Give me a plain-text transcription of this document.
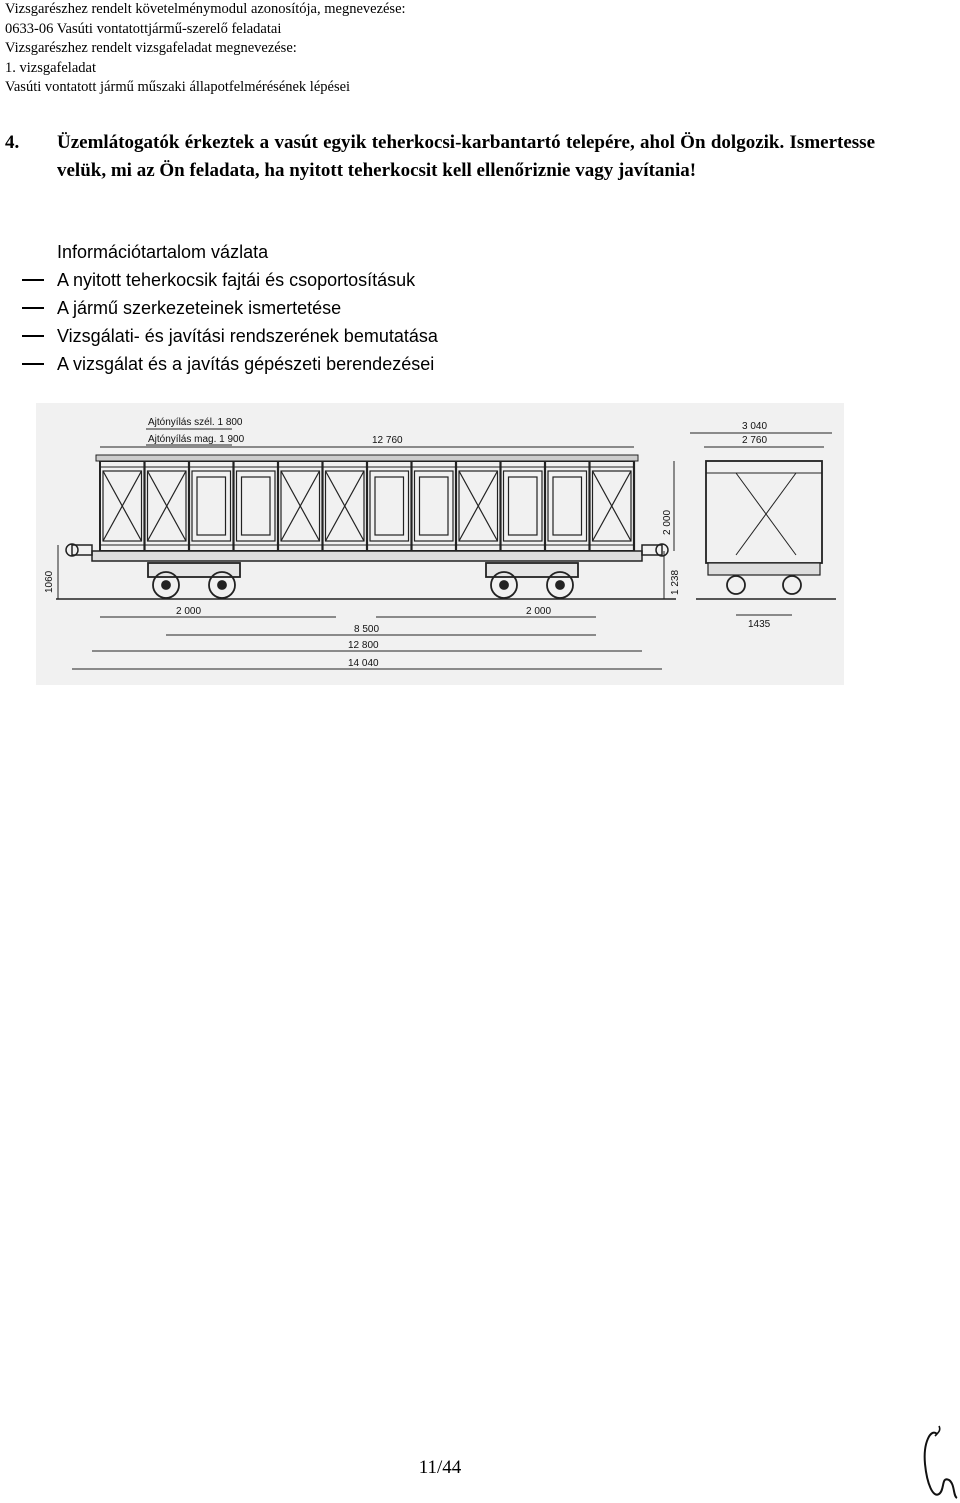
Vizsgarészhez rendelt követelménymodul azonosítója, megnevezése:
0633-06 Vasúti vontatottjármű-szerelő feladatai
Vizsgarészhez rendelt vizsgafeladat megnevezése:
1. vizsgafeladat
Vasúti vontatott jármű műszaki állapotfelmérésének lépései
4.	Üzemlátogatók érkeztek a vasút egyik teherkocsi-karbantartó telepére, ahol Ön dolgozik. Ismertesse velük, mi az Ön feladata, ha nyitott teherkocsit kell ellenőriznie vagy javítania!
Információtartalom vázlata
A nyitott teherkocsik fajtái és csoportosításuk
A jármű szerkezeteinek ismertetése
Vizsgálati- és javítási rendszerének bemutatása
A vizsgálat és a javítás gépészeti berendezései
Ajtónyílás szél. 1 800
Ajtónyílás mag. 1 900	12 760
1060
2 000
1 238
2 000	2 000
8 500
12 800
14 040
3 040
2 760
1435
11/44
